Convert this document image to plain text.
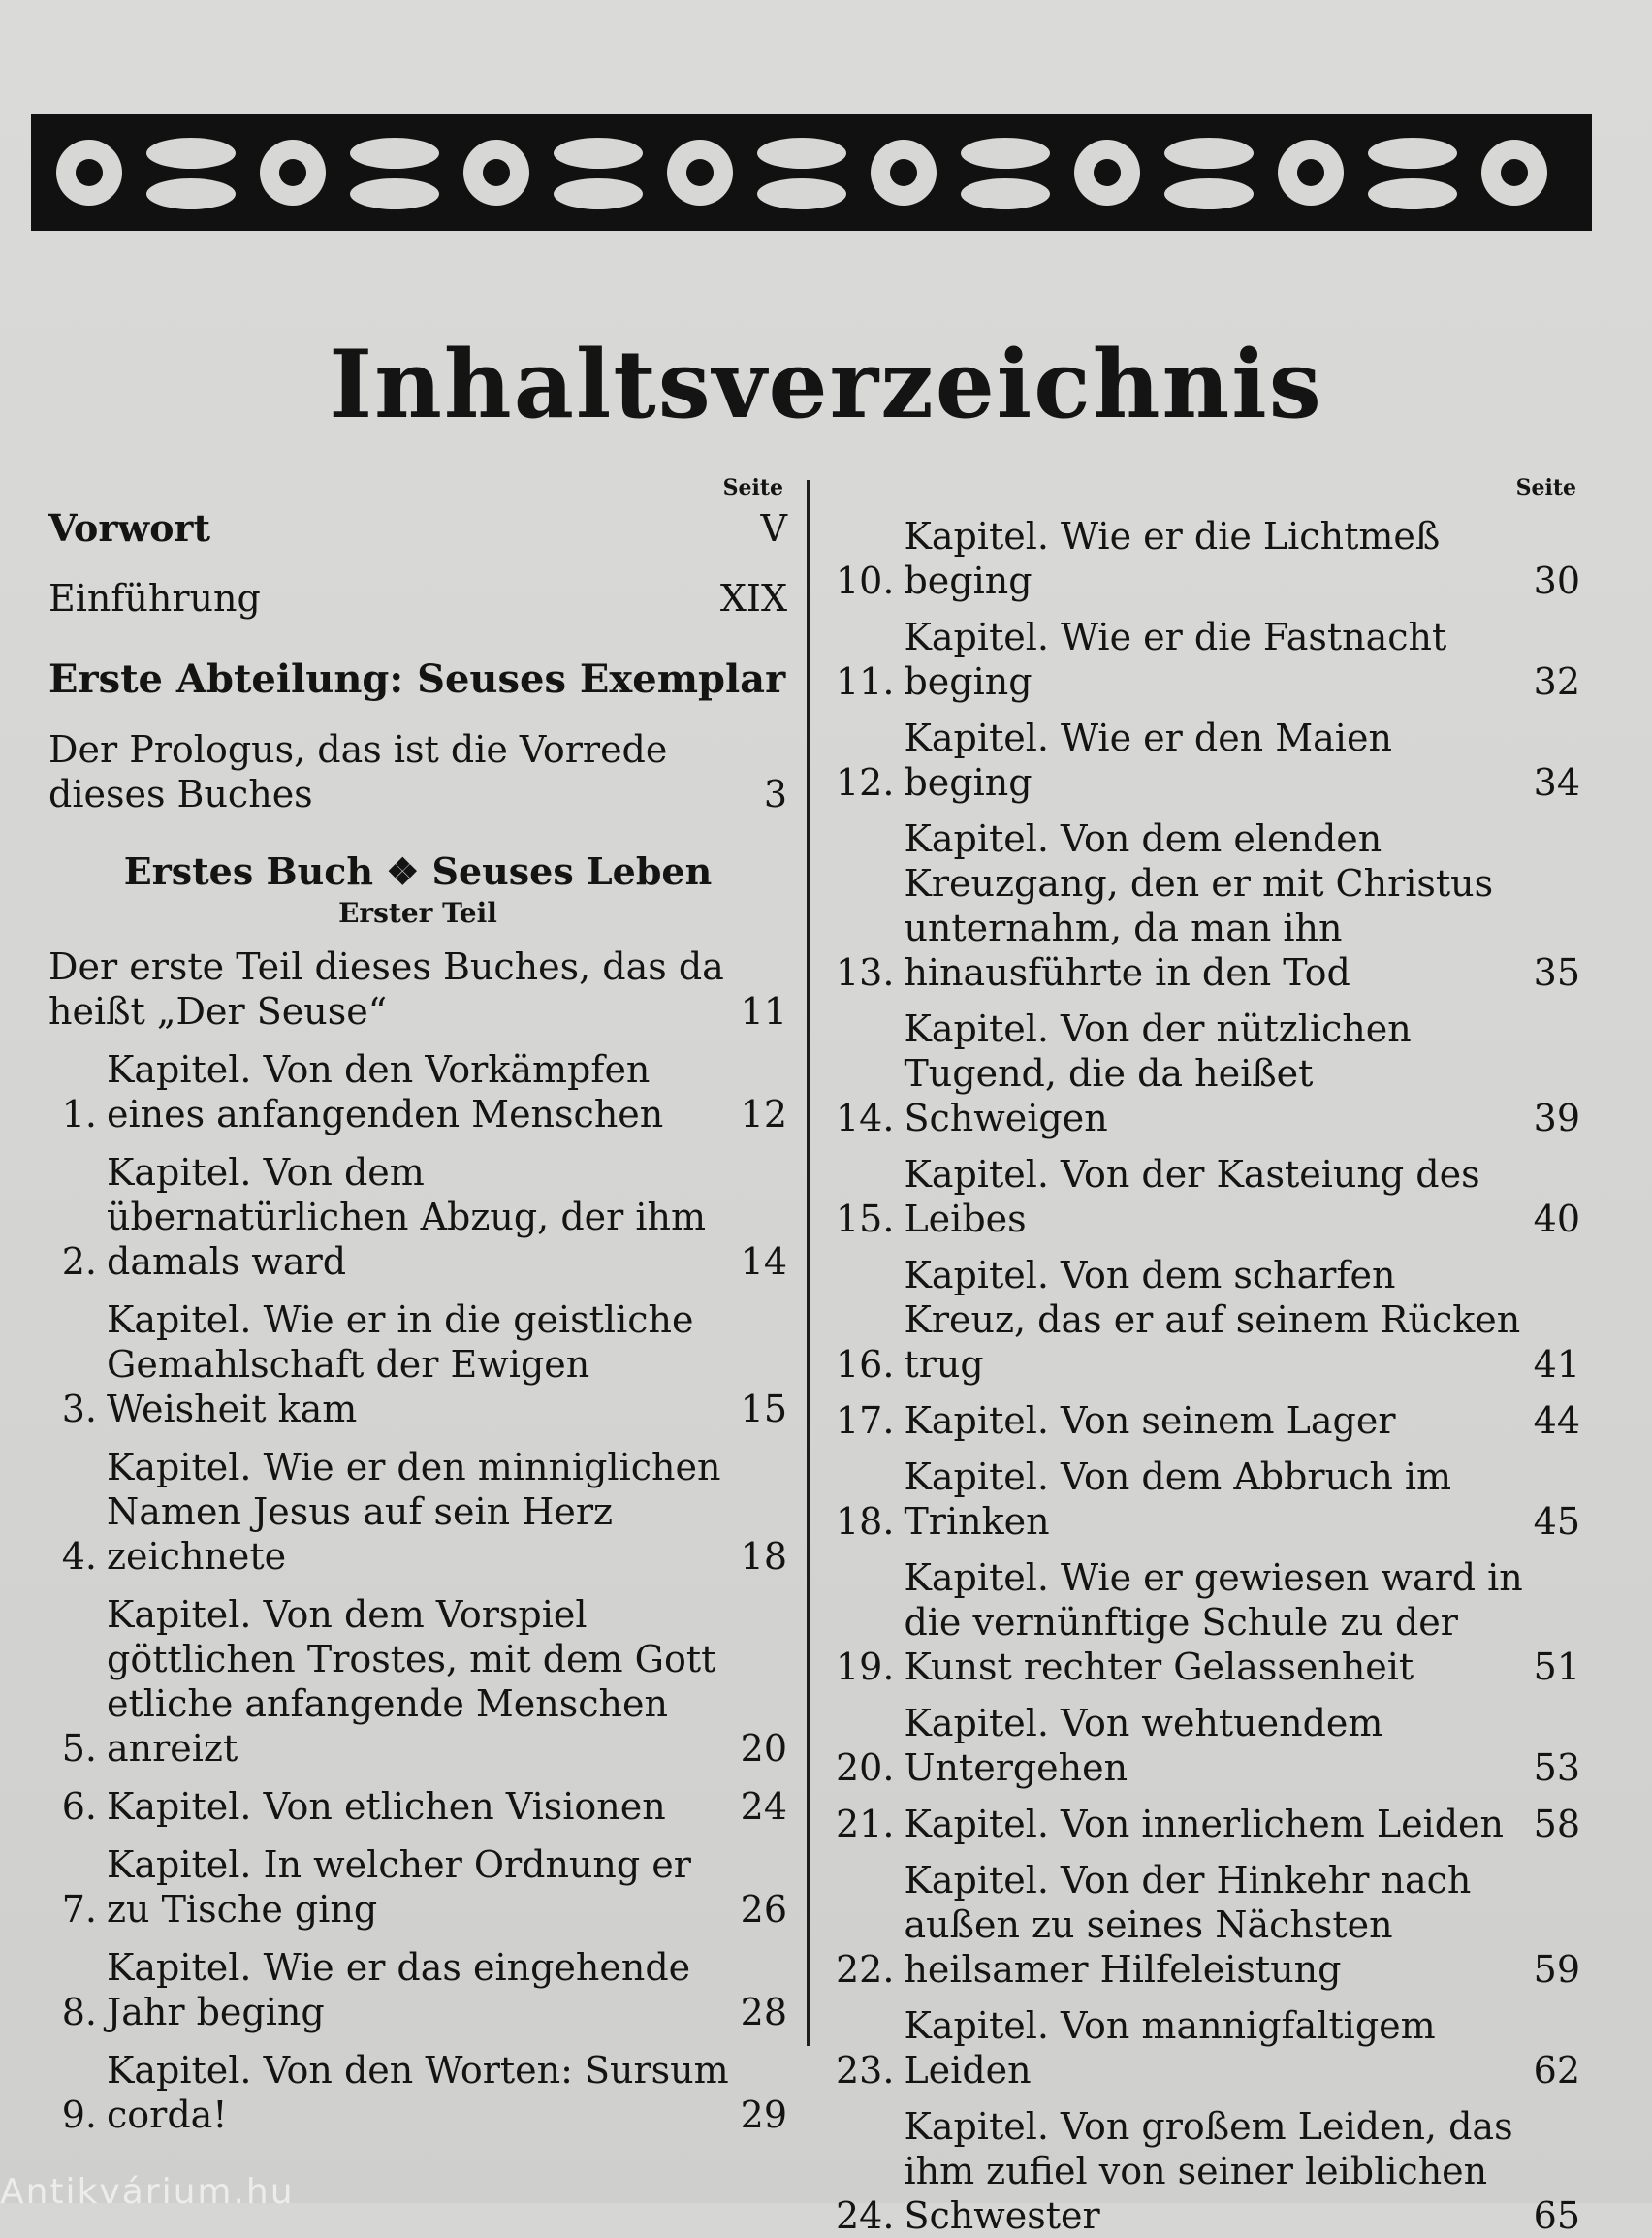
Inhaltsverzeichnis
Seite
Vorwort	V
Einführung	XIX
Erste Abteilung: Seuses Exemplar
Der Prologus, das ist die Vorrede dieses Buches	3
Erstes Buch ❖ Seuses Leben
Erster Teil
Der erste Teil dieses Buches, das da heißt „Der Seuse“	11
1.
Kapitel. Von den Vorkämpfen eines anfangenden Menschen	12
2.
Kapitel. Von dem übernatürlichen Abzug, der ihm damals ward	14
3.
Kapitel. Wie er in die geistliche Gemahlschaft der Ewigen Weisheit kam	15
4.
Kapitel. Wie er den minniglichen Namen Jesus auf sein Herz zeichnete	18
5.
Kapitel. Von dem Vorspiel göttlichen Trostes, mit dem Gott etliche anfangende Menschen anreizt	20
6. Kapitel. Von etlichen Visionen	24
7.
Kapitel. In welcher Ordnung er zu Tische ging	26
8.
Kapitel. Wie er das eingehende Jahr beging	28
9.
Kapitel. Von den Worten: Sursum corda!	29
Seite
10.
Kapitel. Wie er die Lichtmeß beging	30
11.
Kapitel. Wie er die Fastnacht beging	32
12.
Kapitel. Wie er den Maien beging	34
13.
Kapitel. Von dem elenden Kreuzgang, den er mit Christus unternahm, da man ihn hinausführte in den Tod	35
14.
Kapitel. Von der nützlichen Tugend, die da heißet Schweigen	39
15.
Kapitel. Von der Kasteiung des Leibes	40
16.
Kapitel. Von dem scharfen Kreuz, das er auf seinem Rücken trug	41
17. Kapitel. Von seinem Lager	44
18.
Kapitel. Von dem Abbruch im Trinken	45
19.
Kapitel. Wie er gewiesen ward in die vernünftige Schule zu der Kunst rechter Gelassenheit	51
20.
Kapitel. Von wehtuendem Untergehen	53
21. Kapitel. Von innerlichem Leiden 58
22.
Kapitel. Von der Hinkehr nach außen zu seines Nächsten heilsamer Hilfeleistung	59
23.
Kapitel. Von mannigfaltigem Leiden	62
24.
Kapitel. Von großem Leiden, das ihm zufiel von seiner leiblichen Schwester	65
Antikvárium.hu
